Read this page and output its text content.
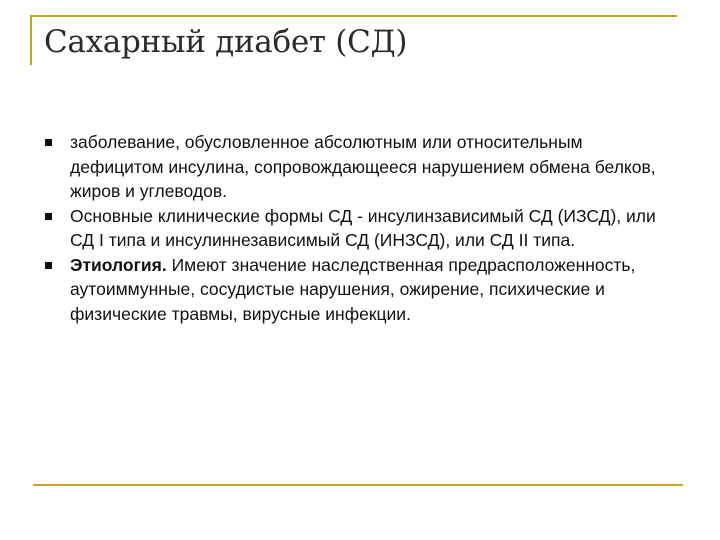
Сахарный диабет (СД)
заболевание, обусловленное абсолютным или относительным дефицитом инсулина, сопровождающееся нарушением обмена белков, жиров и углеводов.
Основные клинические формы СД - инсулинзависимый СД (ИЗСД), или СД I типа и инсулиннезависимый СД (ИНЗСД), или СД II типа.
Этиология. Имеют значение наследственная предрасположенность, аутоиммунные, сосудистые нарушения, ожирение, психические и физические травмы, вирусные инфекции.
